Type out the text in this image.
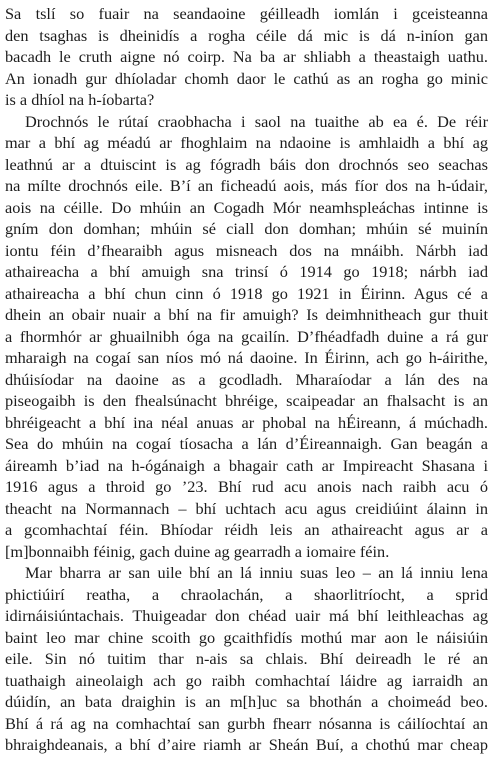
Sa tslí so fuair na seandaoine géilleadh iomlán i gceisteanna
den tsaghas is dheinidís a rogha céile dá mic is dá n-iníon gan
bacadh le cruth aigne nó coirp. Na ba ar shliabh a theastaigh uathu.
An ionadh gur dhíoladar chomh daor le cathú as an rogha go minic
is a dhíol na h-íobarta?
Drochnós le rútaí craobhacha i saol na tuaithe ab ea é. De réir
mar a bhí ag méadú ar fhoghlaim na ndaoine is amhlaidh a bhí ag
leathnú ar a dtuiscint is ag fógradh báis don drochnós seo seachas
na mílte drochnós eile. B’í an ficheadú aois, más fíor dos na h-údair,
aois na céille. Do mhúin an Cogadh Mór neamhspleáchas intinne is
gním don domhan; mhúin sé ciall don domhan; mhúin sé muinín
iontu féin d’fhearaibh agus misneach dos na mnáibh. Nárbh iad
athaireacha a bhí amuigh sna trinsí ó 1914 go 1918; nárbh iad
athaireacha a bhí chun cinn ó 1918 go 1921 in Éirinn. Agus cé a
dhein an obair nuair a bhí na fir amuigh? Is deimhnitheach gur thuit
a fhormhór ar ghuailnibh óga na gcailín. D’fhéadfadh duine a rá gur
mharaigh na cogaí san níos mó ná daoine. In Éirinn, ach go h-áirithe,
dhúisíodar na daoine as a gcodladh. Mharaíodar a lán des na
piseogaibh is den fhealsúnacht bhréige, scaipeadar an fhalsacht is an
bhréigeacht a bhí ina néal anuas ar phobal na hÉireann, á múchadh.
Sea do mhúin na cogaí tíosacha a lán d’Éireannaigh. Gan beagán a
áireamh b’iad na h-ógánaigh a bhagair cath ar Impireacht Shasana i
1916 agus a throid go ’23. Bhí rud acu anois nach raibh acu ó
theacht na Normannach – bhí uchtach acu agus creidiúint álainn in
a gcomhachtaí féin. Bhíodar réidh leis an athaireacht agus ar a
[m]bonnaibh féinig, gach duine ag gearradh a iomaire féin.
Mar bharra ar san uile bhí an lá inniu suas leo – an lá inniu lena
phictiúirí reatha, a chraolachán, a shaorlitríocht, a sprid
idirnáisiúntachais. Thuigeadar don chéad uair má bhí leithleachas ag
baint leo mar chine scoith go gcaithfidís mothú mar aon le náisiúin
eile. Sin nó tuitim thar n-ais sa chlais. Bhí deireadh le ré an
tuathaigh aineolaigh ach go raibh comhachtaí láidre ag iarraidh an
dúidín, an bata draighin is an m[h]uc sa bhothán a choimeád beo.
Bhí á rá ag na comhachtaí san gurbh fhearr nósanna is cáilíochtaí an
bhraighdeanais, a bhí d’aire riamh ar Sheán Buí, a chothú mar cheap
